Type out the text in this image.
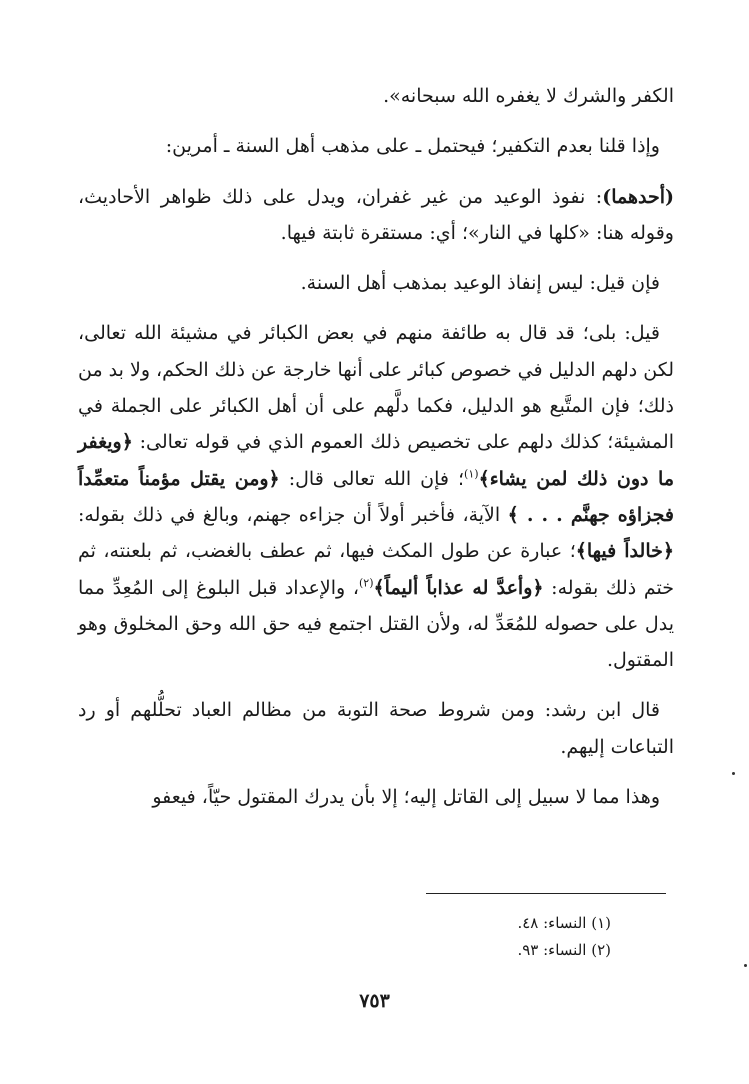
الكفر والشرك لا يغفره الله سبحانه».

وإذا قلنا بعدم التكفير؛ فيحتمل ـ على مذهب أهل السنة ـ أمرين:

(أحدهما): نفوذ الوعيد من غير غفران، ويدل على ذلك ظواهر الأحاديث، وقوله هنا: «كلها في النار»؛ أي: مستقرة ثابتة فيها.

فإن قيل: ليس إنفاذ الوعيد بمذهب أهل السنة.

قيل: بلى؛ قد قال به طائفة منهم في بعض الكبائر في مشيئة الله تعالى، لكن دلهم الدليل في خصوص كبائر على أنها خارجة عن ذلك الحكم، ولا بد من ذلك؛ فإن المتَّبع هو الدليل، فكما دلَّهم على أن أهل الكبائر على الجملة في المشيئة؛ كذلك دلهم على تخصيص ذلك العموم الذي في قوله تعالى: ﴿ويغفر ما دون ذلك لمن يشاء﴾$^{(١)}$؛ فإن الله تعالى قال: ﴿ومن يقتل مؤمناً متعمِّداً فجزاؤه جهنَّم . . . ﴾ الآية، فأخبر أولاً أن جزاءه جهنم، وبالغ في ذلك بقوله: ﴿خالداً فيها﴾؛ عبارة عن طول المكث فيها، ثم عطف بالغضب، ثم بلعنته، ثم ختم ذلك بقوله: ﴿وأعدَّ له عذاباً أليماً﴾$^{(٢)}$، والإعداد قبل البلوغ إلى المُعِدِّ مما يدل على حصوله للمُعَدِّ له، ولأن القتل اجتمع فيه حق الله وحق المخلوق وهو المقتول.

قال ابن رشد: ومن شروط صحة التوبة من مظالم العباد تحلُّلهم أو رد التباعات إليهم.

وهذا مما لا سبيل إلى القاتل إليه؛ إلا بأن يدرك المقتول حيّاً، فيعفو

(١) النساء: ٤٨.
(٢) النساء: ٩٣.
٧٥٣
